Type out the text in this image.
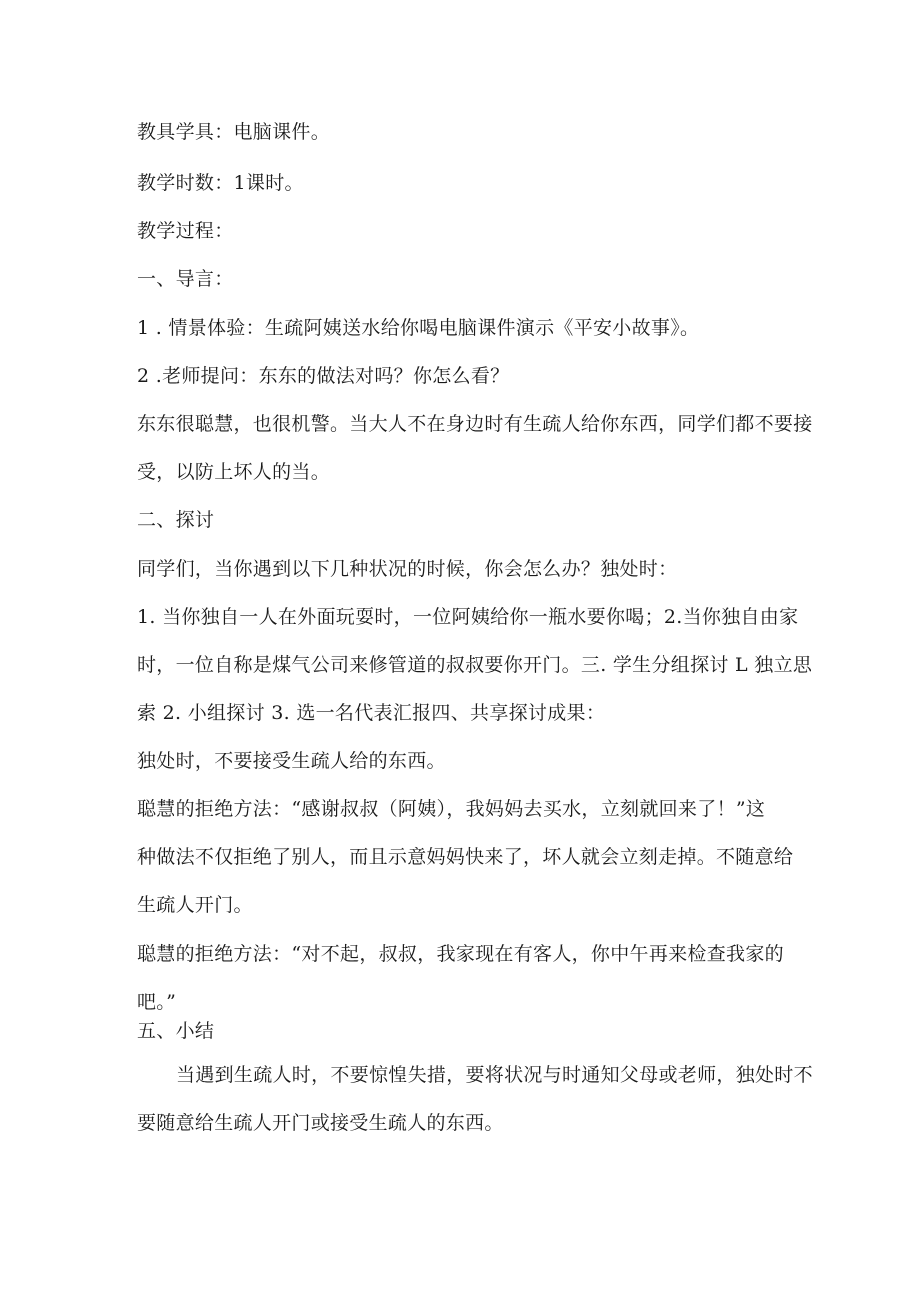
教具学具：电脑课件。
教学时数：1课时。
教学过程：
一、导言：
1 . 情景体验：生疏阿姨送水给你喝电脑课件演示《平安小故事》。
2 .老师提问：东东的做法对吗？你怎么看？
东东很聪慧，也很机警。当大人不在身边时有生疏人给你东西，同学们都不要接
受，以防上坏人的当。
二、探讨
同学们，当你遇到以下几种状况的时候，你会怎么办？独处时：
1. 当你独自一人在外面玩耍时，一位阿姨给你一瓶水要你喝；2.当你独自由家
时，一位自称是煤气公司来修管道的叔叔要你开门。三. 学生分组探讨 L 独立思
索 2. 小组探讨 3. 选一名代表汇报四、共享探讨成果：
独处时，不要接受生疏人给的东西。
聪慧的拒绝方法：“感谢叔叔（阿姨），我妈妈去买水，立刻就回来了！”这
种做法不仅拒绝了别人，而且示意妈妈快来了，坏人就会立刻走掉。不随意给
生疏人开门。
聪慧的拒绝方法：“对不起，叔叔，我家现在有客人，你中午再来检查我家的
吧。”
五、小结
当遇到生疏人时，不要惊惶失措，要将状况与时通知父母或老师，独处时不
要随意给生疏人开门或接受生疏人的东西。
